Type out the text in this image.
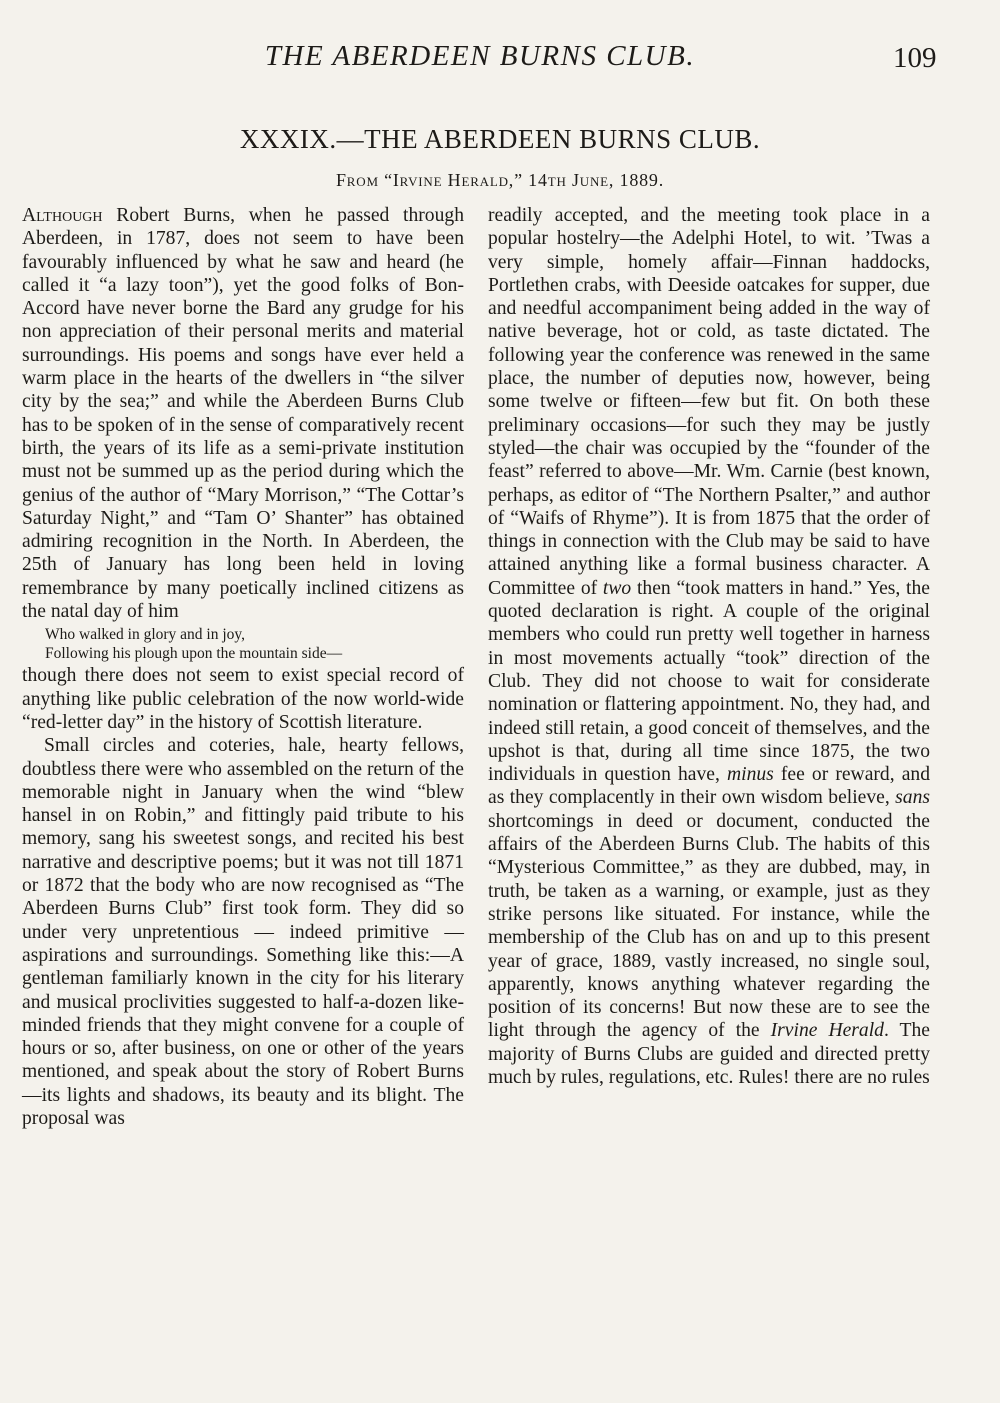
THE ABERDEEN BURNS CLUB.	109
XXXIX.—THE ABERDEEN BURNS CLUB.
From “Irvine Herald,” 14th June, 1889.

Although Robert Burns, when he passed through Aberdeen, in 1787, does not seem to have been favourably influenced by what he saw and heard (he called it “a lazy toon”), yet the good folks of Bon-Accord have never borne the Bard any grudge for his non appreciation of their personal merits and material surroundings. His poems and songs have ever held a warm place in the hearts of the dwellers in “the silver city by the sea;” and while the Aberdeen Burns Club has to be spoken of in the sense of comparatively recent birth, the years of its life as a semi-private institution must not be summed up as the period during which the genius of the author of “Mary Morrison,” “The Cottar’s Saturday Night,” and “Tam O’ Shanter” has obtained admiring recognition in the North. In Aberdeen, the 25th of January has long been held in loving remembrance by many poetically inclined citizens as the natal day of him

Who walked in glory and in joy,
Following his plough upon the mountain side—

though there does not seem to exist special record of anything like public celebration of the now world-wide “red-letter day” in the history of Scottish literature.

Small circles and coteries, hale, hearty fellows, doubtless there were who assembled on the return of the memorable night in January when the wind “blew hansel in on Robin,” and fittingly paid tribute to his memory, sang his sweetest songs, and recited his best narrative and descriptive poems; but it was not till 1871 or 1872 that the body who are now recognised as “The Aberdeen Burns Club” first took form. They did so under very unpretentious — indeed primitive — aspirations and surroundings. Something like this:—A gentleman familiarly known in the city for his literary and musical proclivities suggested to half-a-dozen like-minded friends that they might convene for a couple of hours or so, after business, on one or other of the years mentioned, and speak about the story of Robert Burns—its lights and shadows, its beauty and its blight. The proposal was

readily accepted, and the meeting took place in a popular hostelry—the Adelphi Hotel, to wit. ’Twas a very simple, homely affair—Finnan haddocks, Portlethen crabs, with Deeside oatcakes for supper, due and needful accompaniment being added in the way of native beverage, hot or cold, as taste dictated. The following year the conference was renewed in the same place, the number of deputies now, however, being some twelve or fifteen—few but fit. On both these preliminary occasions—for such they may be justly styled—the chair was occupied by the “founder of the feast” referred to above—Mr. Wm. Carnie (best known, perhaps, as editor of “The Northern Psalter,” and author of “Waifs of Rhyme”). It is from 1875 that the order of things in connection with the Club may be said to have attained anything like a formal business character. A Committee of two then “took matters in hand.” Yes, the quoted declaration is right. A couple of the original members who could run pretty well together in harness in most movements actually “took” direction of the Club. They did not choose to wait for considerate nomination or flattering appointment. No, they had, and indeed still retain, a good conceit of themselves, and the upshot is that, during all time since 1875, the two individuals in question have, minus fee or reward, and as they complacently in their own wisdom believe, sans shortcomings in deed or document, conducted the affairs of the Aberdeen Burns Club. The habits of this “Mysterious Committee,” as they are dubbed, may, in truth, be taken as a warning, or example, just as they strike persons like situated. For instance, while the membership of the Club has on and up to this present year of grace, 1889, vastly increased, no single soul, apparently, knows anything whatever regarding the position of its concerns! But now these are to see the light through the agency of the Irvine Herald. The majority of Burns Clubs are guided and directed pretty much by rules, regulations, etc. Rules! there are no rules
